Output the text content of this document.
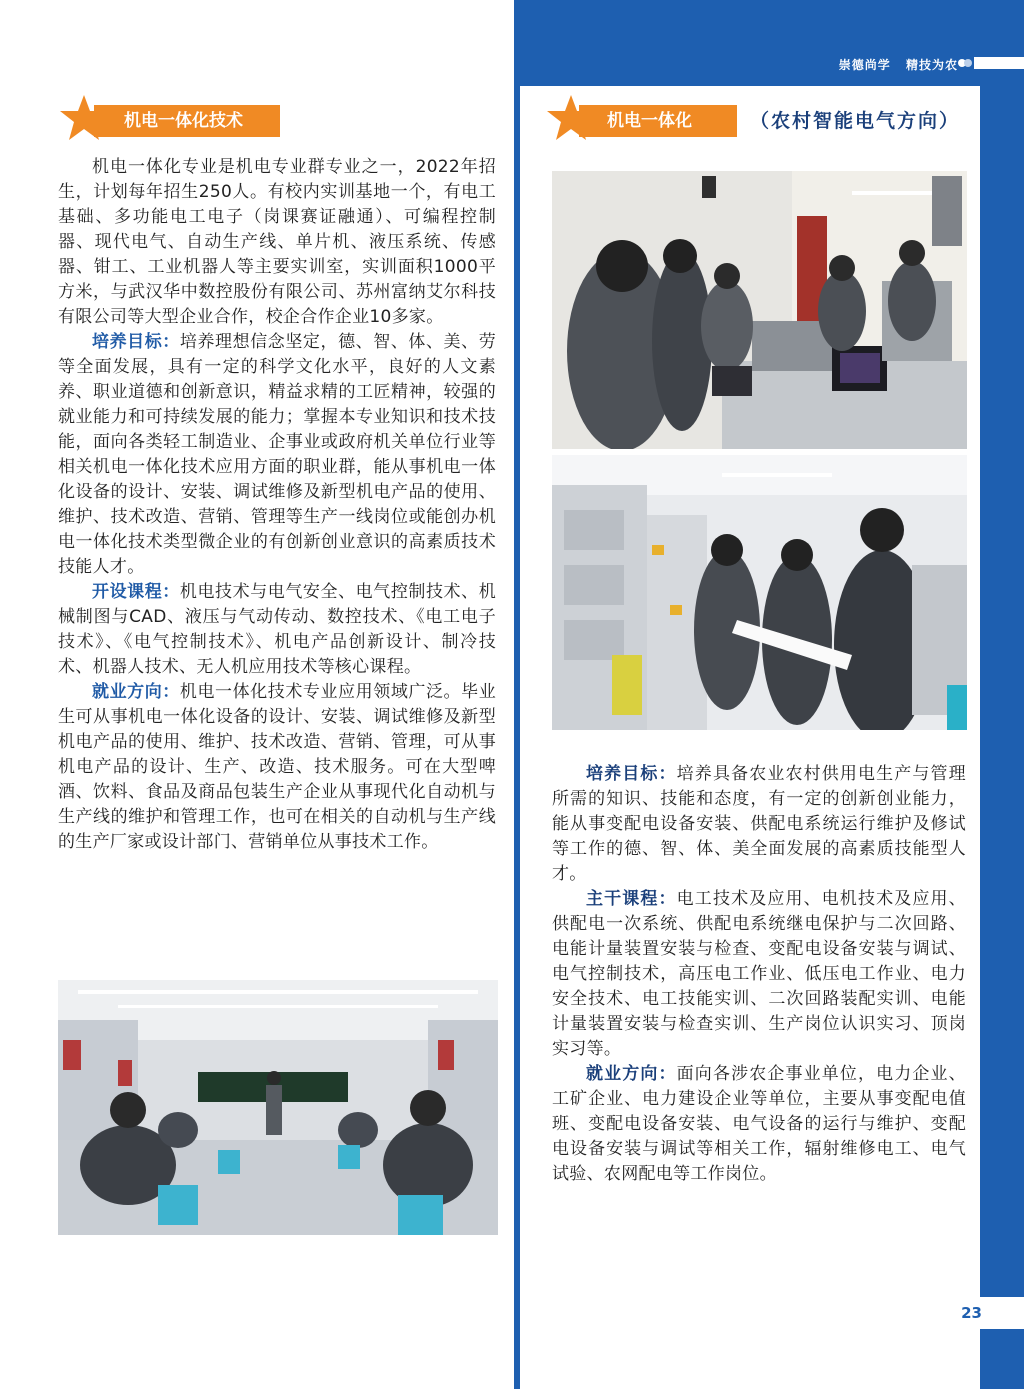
机电一体化技术

机电一体化专业是机电专业群专业之一，2022年招生，计划每年招生250人。有校内实训基地一个，有电工基础、多功能电工电子（岗课赛证融通）、可编程控制器、现代电气、自动生产线、单片机、液压系统、传感器、钳工、工业机器人等主要实训室，实训面积1000平方米，与武汉华中数控股份有限公司、苏州富纳艾尔科技有限公司等大型企业合作，校企合作企业10多家。

培养目标：培养理想信念坚定，德、智、体、美、劳等全面发展，具有一定的科学文化水平，良好的人文素养、职业道德和创新意识，精益求精的工匠精神，较强的就业能力和可持续发展的能力；掌握本专业知识和技术技能，面向各类轻工制造业、企事业或政府机关单位行业等相关机电一体化技术应用方面的职业群，能从事机电一体化设备的设计、安装、调试维修及新型机电产品的使用、维护、技术改造、营销、管理等生产一线岗位或能创办机电一体化技术类型微企业的有创新创业意识的高素质技术技能人才。

开设课程：机电技术与电气安全、电气控制技术、机械制图与CAD、液压与气动传动、数控技术、《电工电子技术》、《电气控制技术》、机电产品创新设计、制冷技术、机器人技术、无人机应用技术等核心课程。

就业方向：机电一体化技术专业应用领域广泛。毕业生可从事机电一体化设备的设计、安装、调试维修及新型机电产品的使用、维护、技术改造、营销、管理，可从事机电产品的设计、生产、改造、技术服务。可在大型啤酒、饮料、食品及商品包装生产企业从事现代化自动机与生产线的维护和管理工作，也可在相关的自动机与生产线的生产厂家或设计部门、营销单位从事技术工作。

崇德尚学 精技为农
机电一体化	（农村智能电气方向）

培养目标：培养具备农业农村供用电生产与管理所需的知识、技能和态度，有一定的创新创业能力，能从事变配电设备安装、供配电系统运行维护及修试等工作的德、智、体、美全面发展的高素质技能型人才。

主干课程：电工技术及应用、电机技术及应用、供配电一次系统、供配电系统继电保护与二次回路、电能计量装置安装与检查、变配电设备安装与调试、电气控制技术，高压电工作业、低压电工作业、电力安全技术、电工技能实训、二次回路装配实训、电能计量装置安装与检查实训、生产岗位认识实习、顶岗实习等。

就业方向：面向各涉农企事业单位，电力企业、工矿企业、电力建设企业等单位，主要从事变配电值班、变配电设备安装、电气设备的运行与维护、变配电设备安装与调试等相关工作，辐射维修电工、电气试验、农网配电等工作岗位。

23
